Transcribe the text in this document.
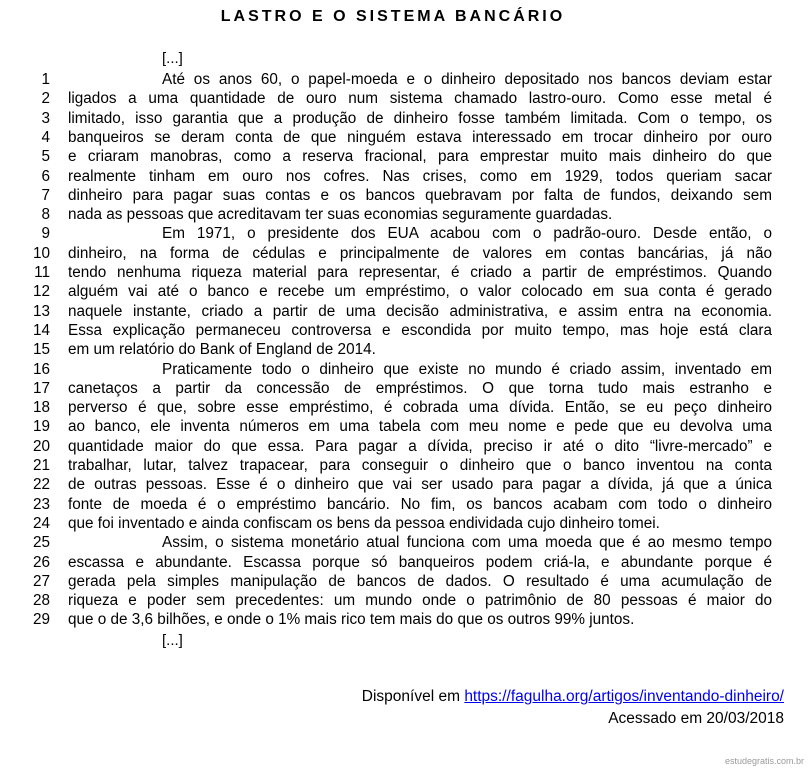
LASTRO E O SISTEMA BANCÁRIO
[...]
1	Até os anos 60, o papel-moeda e o dinheiro depositado nos bancos deviam estar
2 ligados a uma quantidade de ouro num sistema chamado lastro-ouro. Como esse metal é
3 limitado, isso garantia que a produção de dinheiro fosse também limitada. Com o tempo, os
4 banqueiros se deram conta de que ninguém estava interessado em trocar dinheiro por ouro
5 e criaram manobras, como a reserva fracional, para emprestar muito mais dinheiro do que
6 realmente tinham em ouro nos cofres. Nas crises, como em 1929, todos queriam sacar
7 dinheiro para pagar suas contas e os bancos quebravam por falta de fundos, deixando sem
8 nada as pessoas que acreditavam ter suas economias seguramente guardadas.
9	Em 1971, o presidente dos EUA acabou com o padrão-ouro. Desde então, o
10 dinheiro, na forma de cédulas e principalmente de valores em contas bancárias, já não
11 tendo nenhuma riqueza material para representar, é criado a partir de empréstimos. Quando
12 alguém vai até o banco e recebe um empréstimo, o valor colocado em sua conta é gerado
13 naquele instante, criado a partir de uma decisão administrativa, e assim entra na economia.
14 Essa explicação permaneceu controversa e escondida por muito tempo, mas hoje está clara
15 em um relatório do Bank of England de 2014.
16	Praticamente todo o dinheiro que existe no mundo é criado assim, inventado em
17 canetaços a partir da concessão de empréstimos. O que torna tudo mais estranho e
18 perverso é que, sobre esse empréstimo, é cobrada uma dívida. Então, se eu peço dinheiro
19 ao banco, ele inventa números em uma tabela com meu nome e pede que eu devolva uma
20 quantidade maior do que essa. Para pagar a dívida, preciso ir até o dito “livre-mercado” e
21 trabalhar, lutar, talvez trapacear, para conseguir o dinheiro que o banco inventou na conta
22 de outras pessoas. Esse é o dinheiro que vai ser usado para pagar a dívida, já que a única
23 fonte de moeda é o empréstimo bancário. No fim, os bancos acabam com todo o dinheiro
24 que foi inventado e ainda confiscam os bens da pessoa endividada cujo dinheiro tomei.
25	Assim, o sistema monetário atual funciona com uma moeda que é ao mesmo tempo
26 escassa e abundante. Escassa porque só banqueiros podem criá-la, e abundante porque é
27 gerada pela simples manipulação de bancos de dados. O resultado é uma acumulação de
28 riqueza e poder sem precedentes: um mundo onde o patrimônio de 80 pessoas é maior do
29 que o de 3,6 bilhões, e onde o 1% mais rico tem mais do que os outros 99% juntos.
[...]
Disponível em https://fagulha.org/artigos/inventando-dinheiro/
Acessado em 20/03/2018
estudegratis.com.br
